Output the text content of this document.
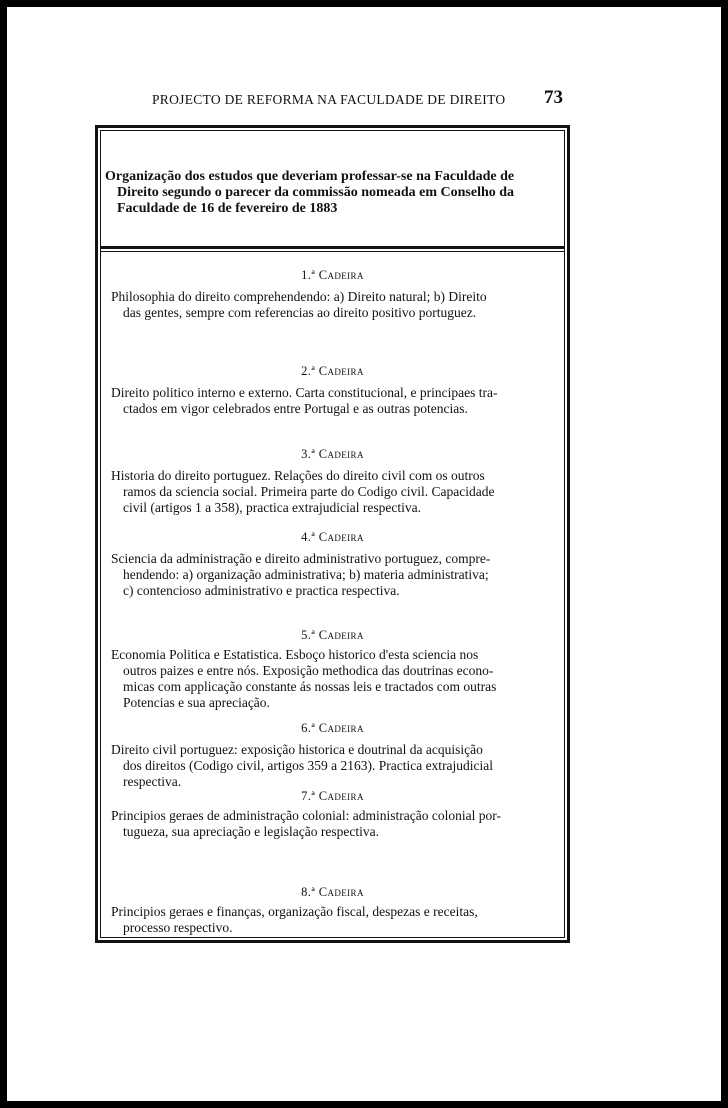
PROJECTO DE REFORMA NA FACULDADE DE DIREITO	73
Organização dos estudos que deveriam professar-se na Faculdade de
Direito segundo o parecer da commissão nomeada em Conselho da
Faculdade de 16 de fevereiro de 1883
1.ª Cadeira
Philosophia do direito comprehendendo: a) Direito natural; b) Direito
das gentes, sempre com referencias ao direito positivo portuguez.
2.ª Cadeira
Direito politico interno e externo. Carta constitucional, e principaes tra-
ctados em vigor celebrados entre Portugal e as outras potencias.
3.ª Cadeira
Historia do direito portuguez. Relações do direito civil com os outros
ramos da sciencia social. Primeira parte do Codigo civil. Capacidade
civil (artigos 1 a 358), practica extrajudicial respectiva.
4.ª Cadeira
Sciencia da administração e direito administrativo portuguez, compre-
hendendo: a) organização administrativa; b) materia administrativa;
c) contencioso administrativo e practica respectiva.
5.ª Cadeira
Economia Politica e Estatistica. Esboço historico d'esta sciencia nos
outros paizes e entre nós. Exposição methodica das doutrinas econo-
micas com applicação constante ás nossas leis e tractados com outras
Potencias e sua apreciação.
6.ª Cadeira
Direito civil portuguez: exposição historica e doutrinal da acquisição
dos direitos (Codigo civil, artigos 359 a 2163). Practica extrajudicial
respectiva.
7.ª Cadeira
Principios geraes de administração colonial: administração colonial por-
tugueza, sua apreciação e legislação respectiva.
8.ª Cadeira
Principios geraes e finanças, organização fiscal, despezas e receitas,
processo respectivo.
